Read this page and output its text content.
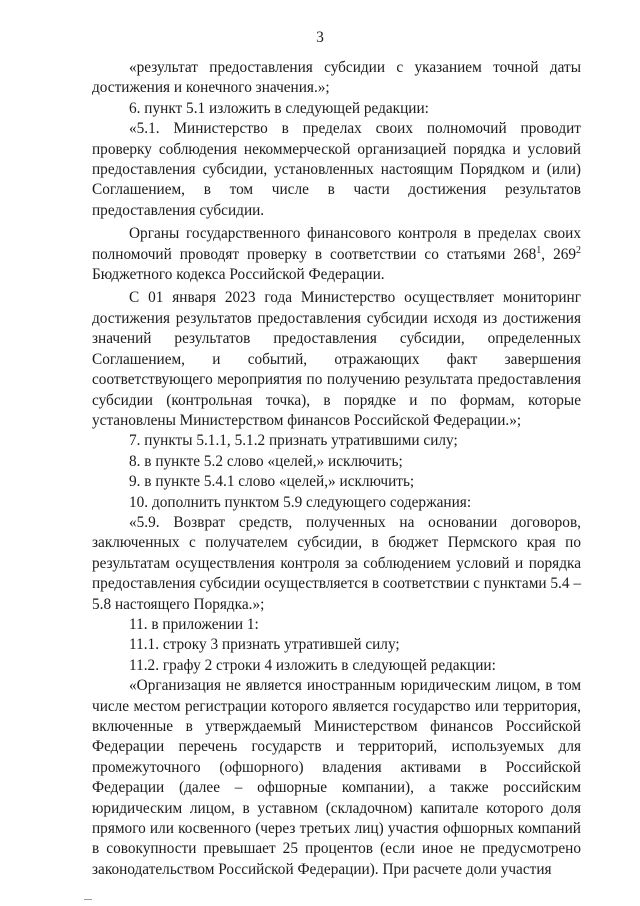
3

«результат предоставления субсидии с указанием точной даты достижения и конечного значения.»;

6. пункт 5.1 изложить в следующей редакции:

«5.1. Министерство в пределах своих полномочий проводит проверку соблюдения некоммерческой организацией порядка и условий предоставления субсидии, установленных настоящим Порядком и (или) Соглашением, в том числе в части достижения результатов предоставления субсидии.

Органы государственного финансового контроля в пределах своих полномочий проводят проверку в соответствии со статьями $268^1$, $269^2$ Бюджетного кодекса Российской Федерации.

C 01 января 2023 года Министерство осуществляет мониторинг достижения результатов предоставления субсидии исходя из достижения значений результатов предоставления субсидии, определенных Соглашением, и событий, отражающих факт завершения соответствующего мероприятия по получению результата предоставления субсидии (контрольная точка), в порядке и по формам, которые установлены Министерством финансов Российской Федерации.»;

7. пункты 5.1.1, 5.1.2 признать утратившими силу;

8. в пункте 5.2 слово «целей,» исключить;

9. в пункте 5.4.1 слово «целей,» исключить;

10. дополнить пунктом 5.9 следующего содержания:

«5.9. Возврат средств, полученных на основании договоров, заключенных с получателем субсидии, в бюджет Пермского края по результатам осуществления контроля за соблюдением условий и порядка предоставления субсидии осуществляется в соответствии с пунктами 5.4 – 5.8 настоящего Порядка.»;

11. в приложении 1:

11.1. строку 3 признать утратившей силу;

11.2. графу 2 строки 4 изложить в следующей редакции:

«Организация не является иностранным юридическим лицом, в том числе местом регистрации которого является государство или территория, включенные в утверждаемый Министерством финансов Российской Федерации перечень государств и территорий, используемых для промежуточного (офшорного) владения активами в Российской Федерации (далее – офшорные компании), а также российским юридическим лицом, в уставном (складочном) капитале которого доля прямого или косвенного (через третьих лиц) участия офшорных компаний в совокупности превышает 25 процентов (если иное не предусмотрено законодательством Российской Федерации). При расчете доли участия
